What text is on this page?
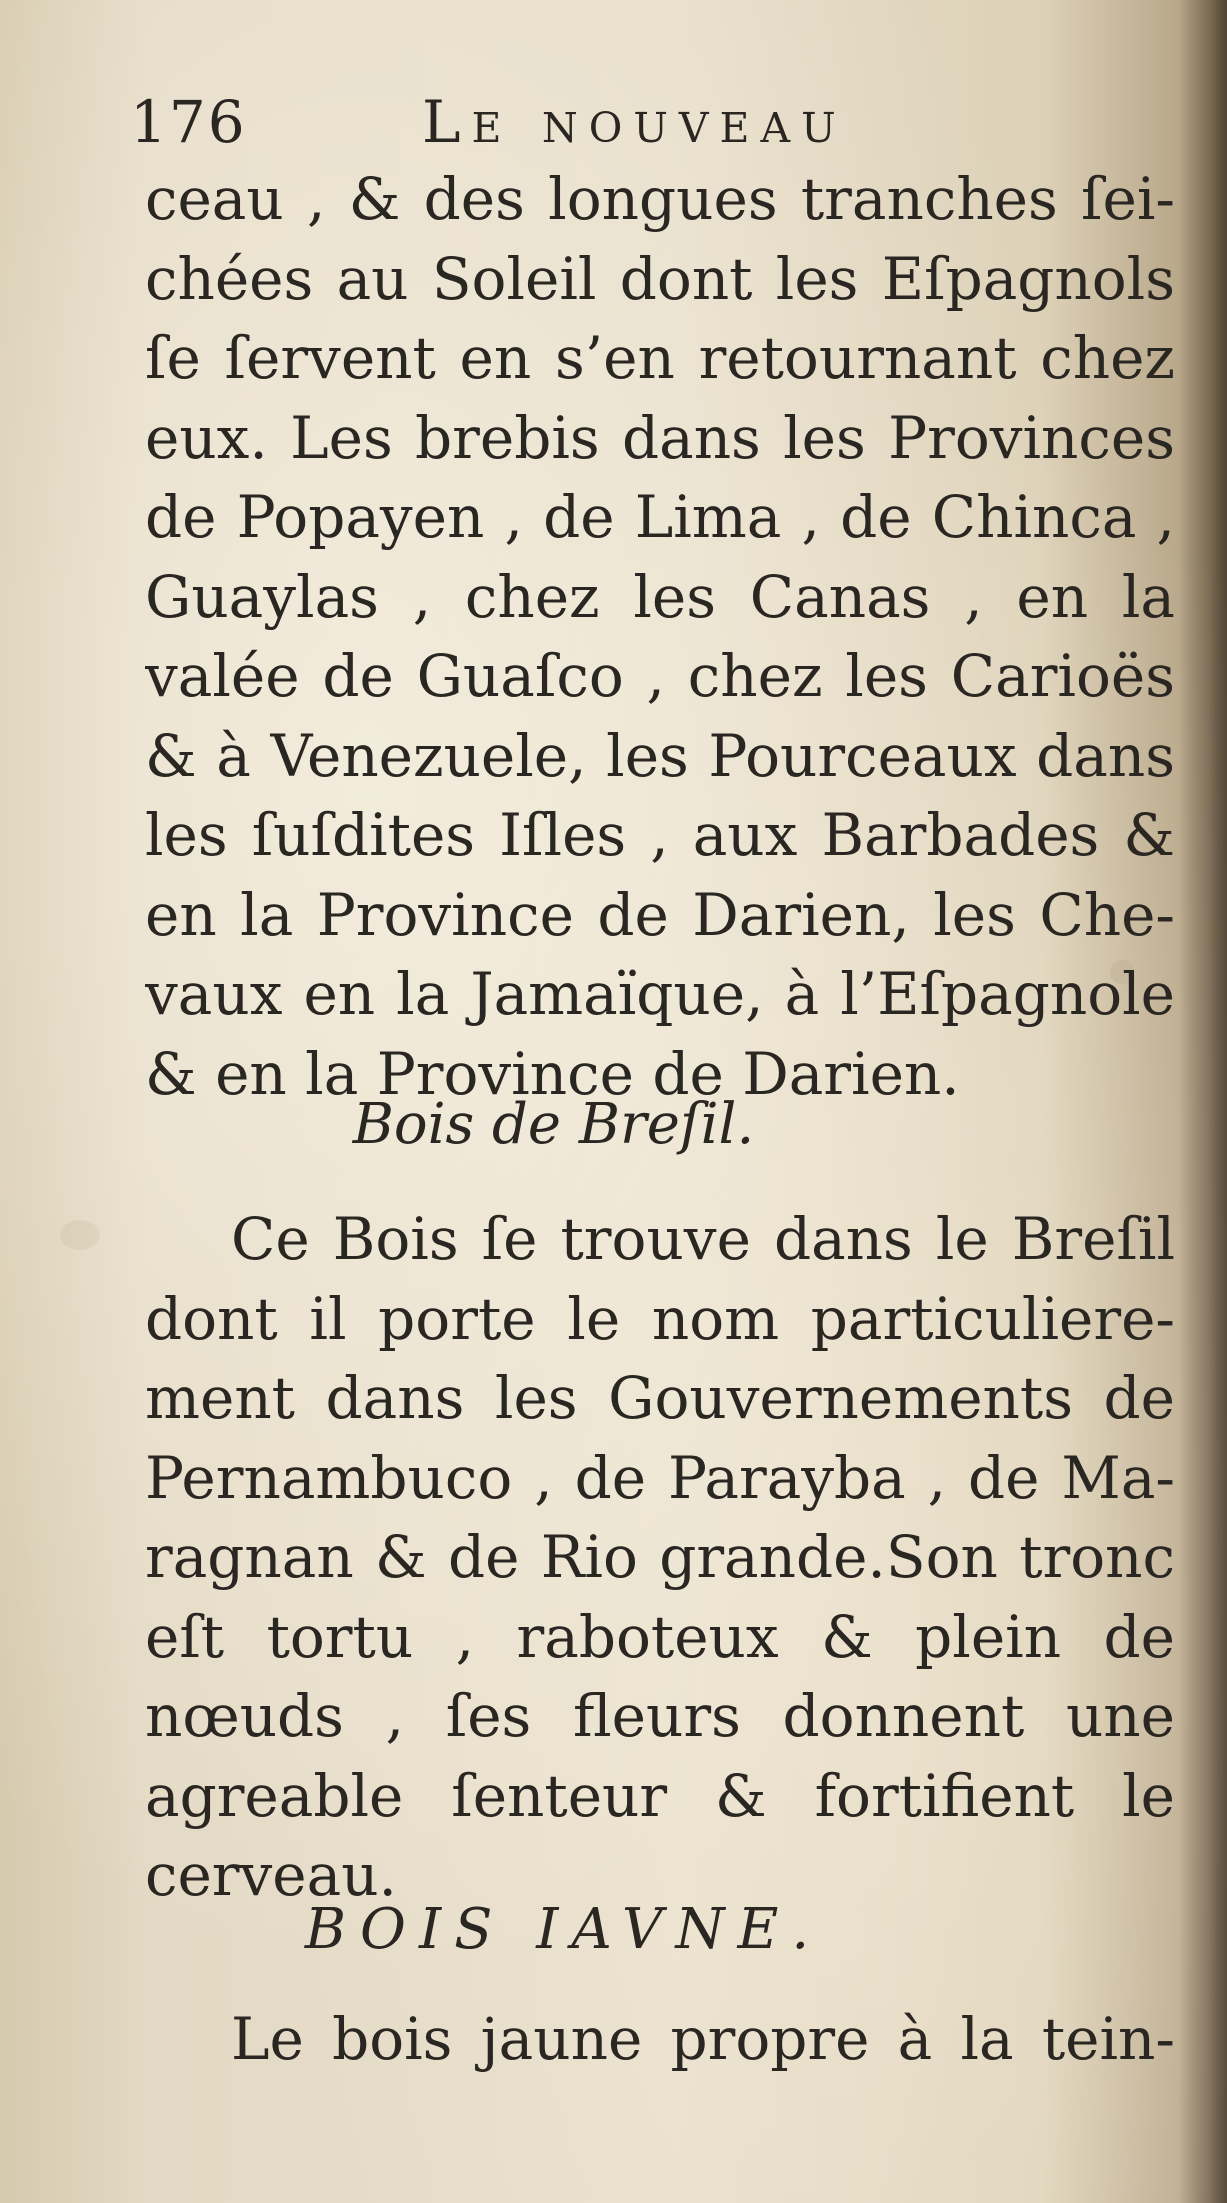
176	Le nouveau
ceau , & des longues tranches ſei-
chées au Soleil dont les Eſpagnols
ſe ſervent en s’en retournant chez
eux. Les brebis dans les Provinces
de Popayen , de Lima , de Chinca ,
Guaylas , chez les Canas , en la
valée de Guaſco , chez les Carioës
& à Venezuele, les Pourceaux dans
les ſuſdites Iſles , aux Barbades &
en la Province de Darien, les Che-
vaux en la Jamaïque, à l’Eſpagnole
& en la Province de Darien.
Bois de Breſil.
Ce Bois ſe trouve dans le Breſil
dont il porte le nom particuliere-
ment dans les Gouvernements de
Pernambuco , de Parayba , de Ma-
ragnan & de Rio grande.Son tronc
eſt tortu , raboteux & plein de
nœuds , ſes fleurs donnent une
agreable ſenteur & fortifient le
cerveau.
BOIS IAVNE.
Le bois jaune propre à la tein-
